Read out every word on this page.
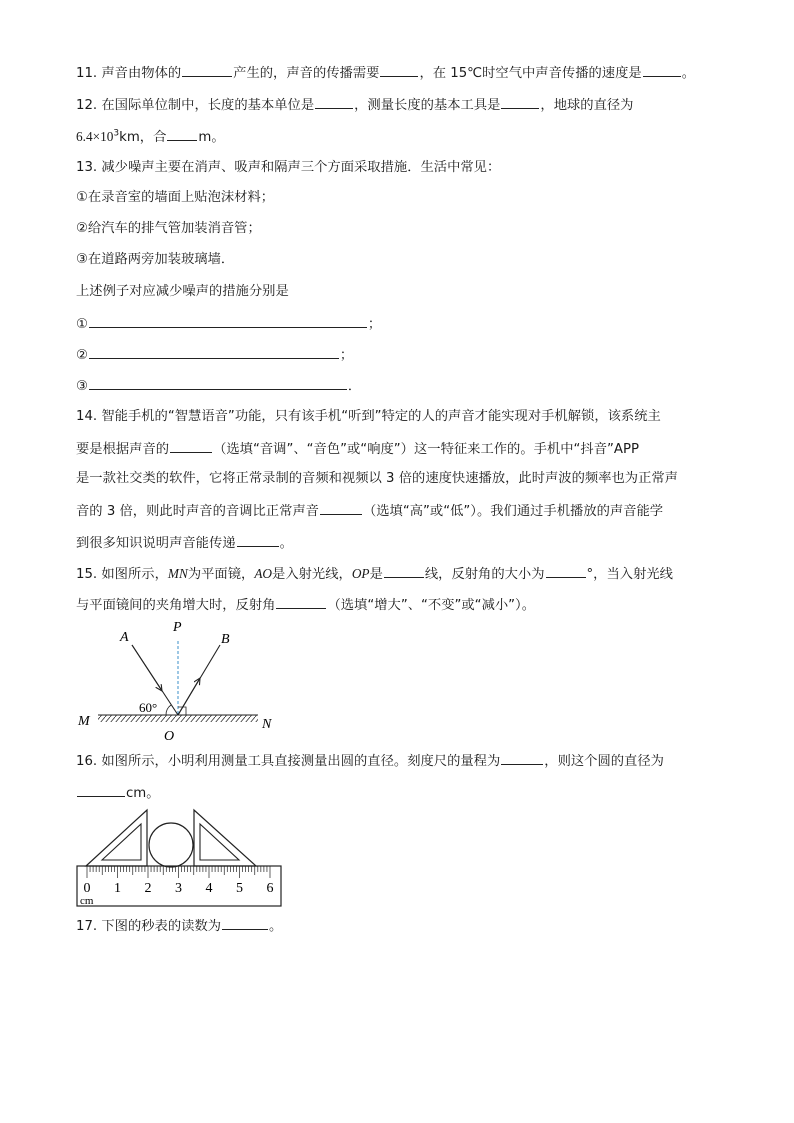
11. 声音由物体的	产生的，声音的传播需要	，在 15℃时空气中声音传播的速度是	。
12. 在国际单位制中，长度的基本单位是	，测量长度的基本工具是	，地球的直径为
$6.4\times 10^3km$，合 m。
13. 减少噪声主要在消声、吸声和隔声三个方面采取措施．生活中常见：
①在录音室的墙面上贴泡沫材料；
②给汽车的排气管加装消音管；
③在道路两旁加装玻璃墙．
上述例子对应减少噪声的措施分别是
①	；
②	；
③	．
14. 智能手机的“智慧语音”功能，只有该手机“听到”特定的人的声音才能实现对手机解锁，该系统主
要是根据声音的	（选填“音调”、“音色”或“响度”）这一特征来工作的。手机中“抖音”APP
是一款社交类的软件，它将正常录制的音频和视频以 3 倍的速度快速播放，此时声波的频率也为正常声
音的 3 倍，则此时声音的音调比正常声音	（选填“高”或“低”）。我们通过手机播放的声音能学
到很多知识说明声音能传递	。
15. 如图所示，MN为平面镜，AO是入射光线，OP是	线，反射角的大小为	°，当入射光线
与平面镜间的夹角增大时，反射角	（选填“增大”、“不变”或“减小”）。
A
P
B
M	N
O
60°
16. 如图所示，小明利用测量工具直接测量出圆的直径。刻度尺的量程为	，则这个圆的直径为
cm。
0 1 2 3 4 5 6
cm
17. 下图的秒表的读数为	。
